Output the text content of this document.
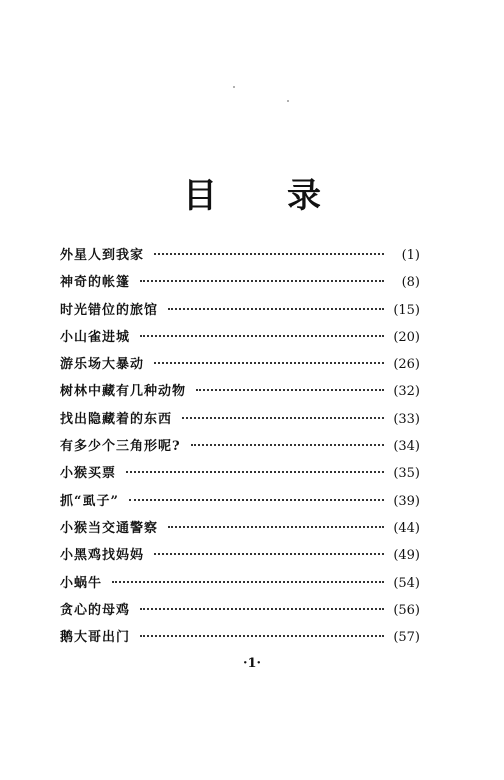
目 录
外星人到我家	(1)
神奇的帐篷	(8)
时光错位的旅馆	(15)
小山雀进城	(20)
游乐场大暴动	(26)
树林中藏有几种动物	(32)
找出隐藏着的东西	(33)
有多少个三角形呢?	(34)
小猴买票	(35)
抓“虱子”	(39)
小猴当交通警察	(44)
小黑鸡找妈妈	(49)
小蜗牛	(54)
贪心的母鸡	(56)
鹅大哥出门	(57)
·1·
